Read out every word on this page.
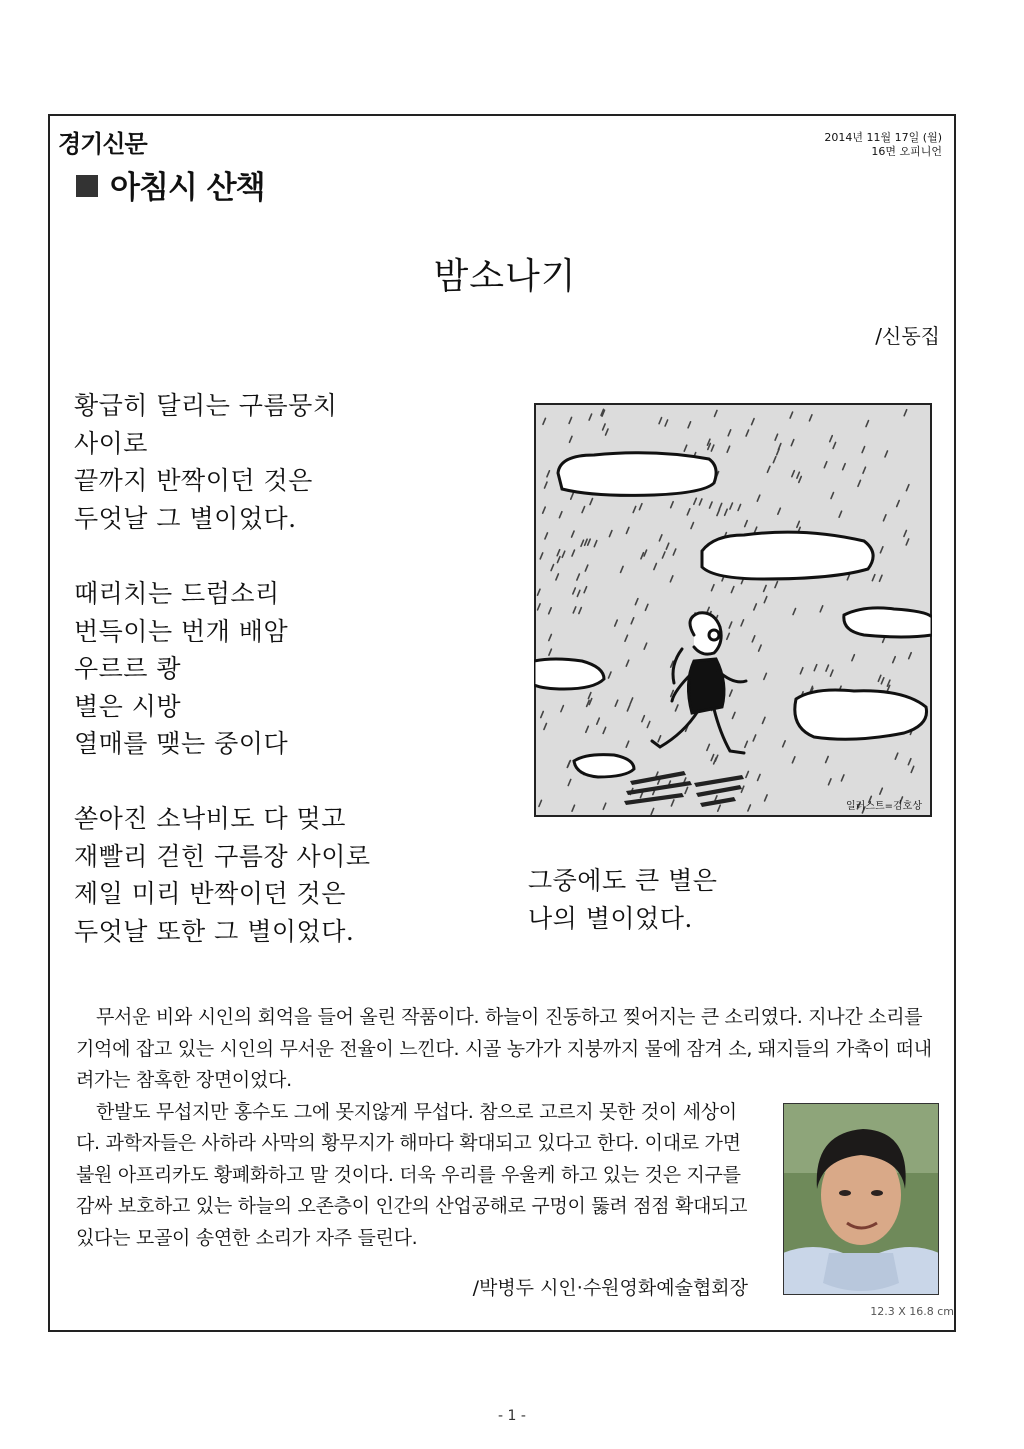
경기신문	2014년 11월 17일 (월)
16면 오피니언
아침시 산책
밤소나기
/신동집
황급히 달리는 구름뭉치
사이로
끝까지 반짝이던 것은
두엇날 그 별이었다.
때리치는 드럼소리
번득이는 번개 배암
우르르 쾅
별은 시방
열매를 맺는 중이다
쏟아진 소낙비도 다 멎고
재빨리 걷힌 구름장 사이로
제일 미리 반짝이던 것은
두엇날 또한 그 별이었다.
일러스트=김호상
그중에도 큰 별은
나의 별이었다.

무서운 비와 시인의 회억을 들어 올린 작품이다. 하늘이 진동하고 찢어지는 큰 소리였다. 지나간 소리를 기억에 잡고 있는 시인의 무서운 전율이 느낀다. 시골 농가가 지붕까지 물에 잠겨 소, 돼지들의 가축이 떠내려가는 참혹한 장면이었다.

한발도 무섭지만 홍수도 그에 못지않게 무섭다. 참으로 고르지 못한 것이 세상이다. 과학자들은 사하라 사막의 황무지가 해마다 확대되고 있다고 한다. 이대로 가면 불원 아프리카도 황폐화하고 말 것이다. 더욱 우리를 우울케 하고 있는 것은 지구를 감싸 보호하고 있는 하늘의 오존층이 인간의 산업공해로 구멍이 뚫려 점점 확대되고 있다는 모골이 송연한 소리가 자주 들린다.

/박병두 시인·수원영화예술협회장
12.3 X 16.8 cm
- 1 -
